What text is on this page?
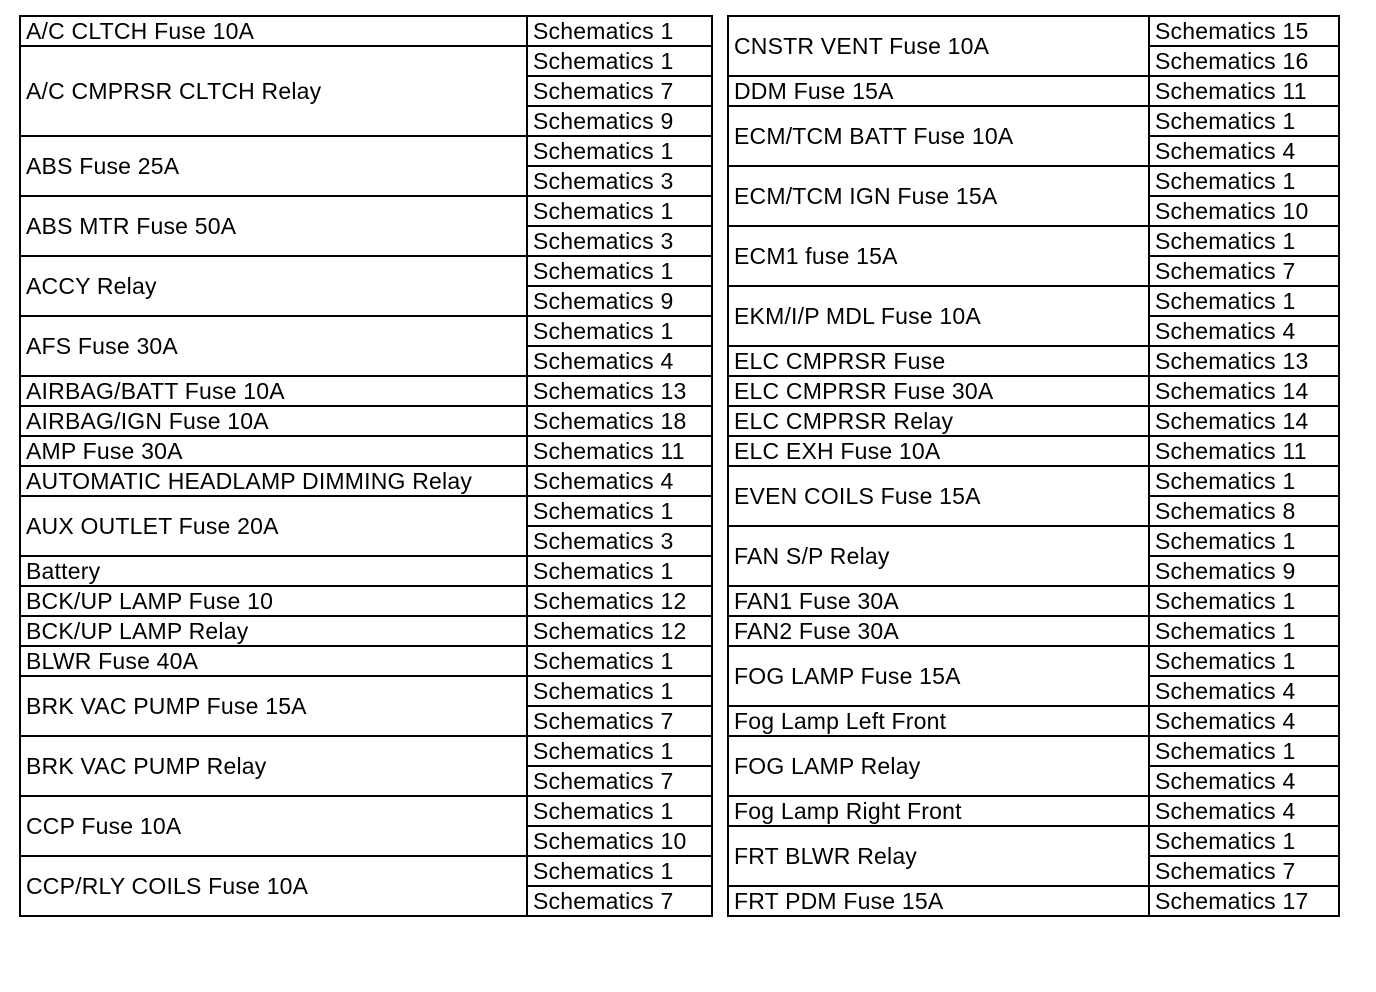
A/C CLTCH Fuse 10A	Schematics 1
A/C CMPRSR CLTCH Relay	Schematics 1
	Schematics 7
	Schematics 9
ABS Fuse 25A	Schematics 1
	Schematics 3
ABS MTR Fuse 50A	Schematics 1
	Schematics 3
ACCY Relay	Schematics 1
	Schematics 9
AFS Fuse 30A	Schematics 1
	Schematics 4
AIRBAG/BATT Fuse 10A	Schematics 13
AIRBAG/IGN Fuse 10A	Schematics 18
AMP Fuse 30A	Schematics 11
AUTOMATIC HEADLAMP DIMMING Relay	Schematics 4
AUX OUTLET Fuse 20A	Schematics 1
	Schematics 3
Battery	Schematics 1
BCK/UP LAMP Fuse 10	Schematics 12
BCK/UP LAMP Relay	Schematics 12
BLWR Fuse 40A	Schematics 1
BRK VAC PUMP Fuse 15A	Schematics 1
	Schematics 7
BRK VAC PUMP Relay	Schematics 1
	Schematics 7
CCP Fuse 10A	Schematics 1
	Schematics 10
CCP/RLY COILS Fuse 10A	Schematics 1
	Schematics 7
CNSTR VENT Fuse 10A	Schematics 15
	Schematics 16
DDM Fuse 15A	Schematics 11
ECM/TCM BATT Fuse 10A	Schematics 1
	Schematics 4
ECM/TCM IGN Fuse 15A	Schematics 1
	Schematics 10
ECM1 fuse 15A	Schematics 1
	Schematics 7
EKM/I/P MDL Fuse 10A	Schematics 1
	Schematics 4
ELC CMPRSR Fuse	Schematics 13
ELC CMPRSR Fuse 30A	Schematics 14
ELC CMPRSR Relay	Schematics 14
ELC EXH Fuse 10A	Schematics 11
EVEN COILS Fuse 15A	Schematics 1
	Schematics 8
FAN S/P Relay	Schematics 1
	Schematics 9
FAN1 Fuse 30A	Schematics 1
FAN2 Fuse 30A	Schematics 1
FOG LAMP Fuse 15A	Schematics 1
	Schematics 4
Fog Lamp Left Front	Schematics 4
FOG LAMP Relay	Schematics 1
	Schematics 4
Fog Lamp Right Front	Schematics 4
FRT BLWR Relay	Schematics 1
	Schematics 7
FRT PDM Fuse 15A	Schematics 17
